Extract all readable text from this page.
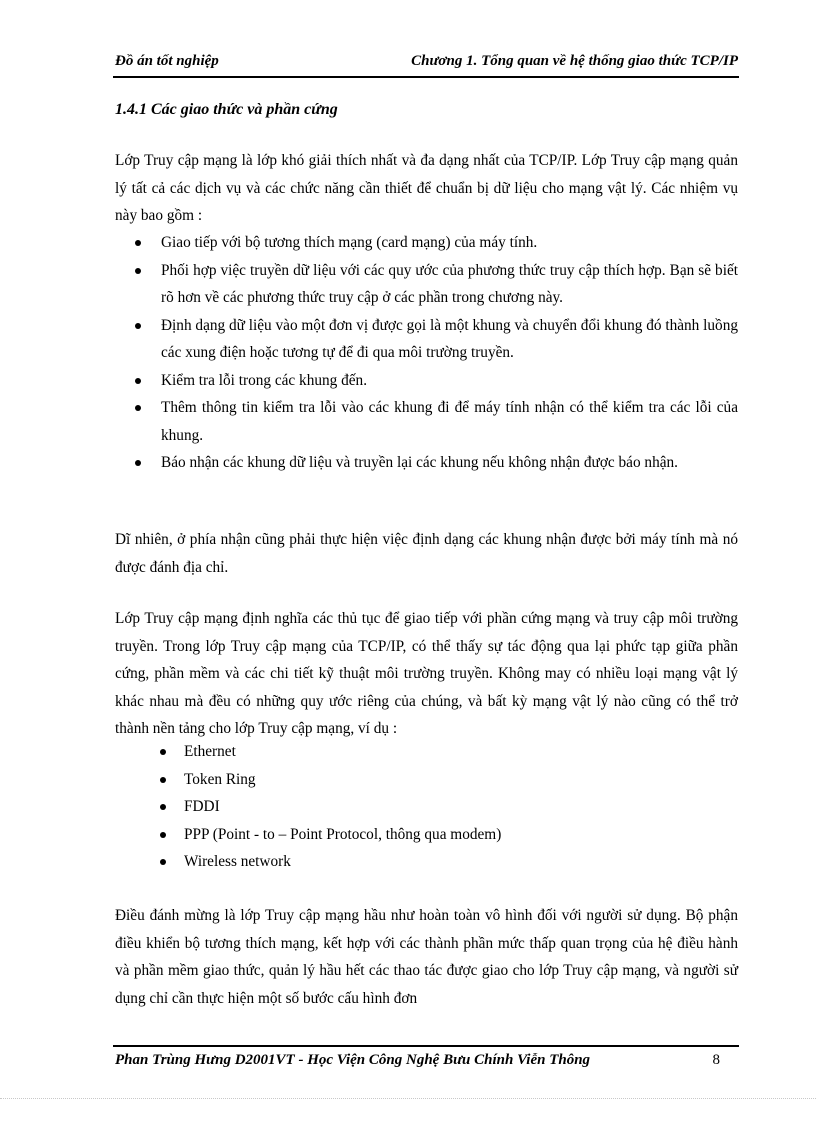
Đồ án tốt nghiệp	Chương 1. Tổng quan về hệ thống giao thức TCP/IP
1.4.1 Các giao thức và phần cứng

Lớp Truy cập mạng là lớp khó giải thích nhất và đa dạng nhất của TCP/IP. Lớp Truy cập mạng quản lý tất cả các dịch vụ và các chức năng cần thiết để chuẩn bị dữ liệu cho mạng vật lý. Các nhiệm vụ này bao gồm :

Giao tiếp với bộ tương thích mạng (card mạng) của máy tính.
Phối hợp việc truyền dữ liệu với các quy ước của phương thức truy cập thích hợp. Bạn sẽ biết rõ hơn về các phương thức truy cập ở các phần trong chương này.
Định dạng dữ liệu vào một đơn vị được gọi là một khung và chuyển đổi khung đó thành luồng các xung điện hoặc tương tự để đi qua môi trường truyền.
Kiểm tra lỗi trong các khung đến.
Thêm thông tin kiểm tra lỗi vào các khung đi để máy tính nhận có thể kiểm tra các lỗi của khung.
Báo nhận các khung dữ liệu và truyền lại các khung nếu không nhận được báo nhận.

Dĩ nhiên, ở phía nhận cũng phải thực hiện việc định dạng các khung nhận được bởi máy tính mà nó được đánh địa chỉ.

Lớp Truy cập mạng định nghĩa các thủ tục để giao tiếp với phần cứng mạng và truy cập môi trường truyền. Trong lớp Truy cập mạng của TCP/IP, có thể thấy sự tác động qua lại phức tạp giữa phần cứng, phần mềm và các chi tiết kỹ thuật môi trường truyền. Không may có nhiều loại mạng vật lý khác nhau mà đều có những quy ước riêng của chúng, và bất kỳ mạng vật lý nào cũng có thể trở thành nền tảng cho lớp Truy cập mạng, ví dụ :

Ethernet
Token Ring
FDDI
PPP (Point - to – Point Protocol, thông qua modem)
Wireless network

Điều đánh mừng là lớp Truy cập mạng hầu như hoàn toàn vô hình đối với người sử dụng. Bộ phận điều khiển bộ tương thích mạng, kết hợp với các thành phần mức thấp quan trọng của hệ điều hành và phần mềm giao thức, quản lý hầu hết các thao tác được giao cho lớp Truy cập mạng, và người sử dụng chỉ cần thực hiện một số bước cấu hình đơn

Phan Trùng Hưng D2001VT - Học Viện Công Nghệ Bưu Chính Viễn Thông	8
